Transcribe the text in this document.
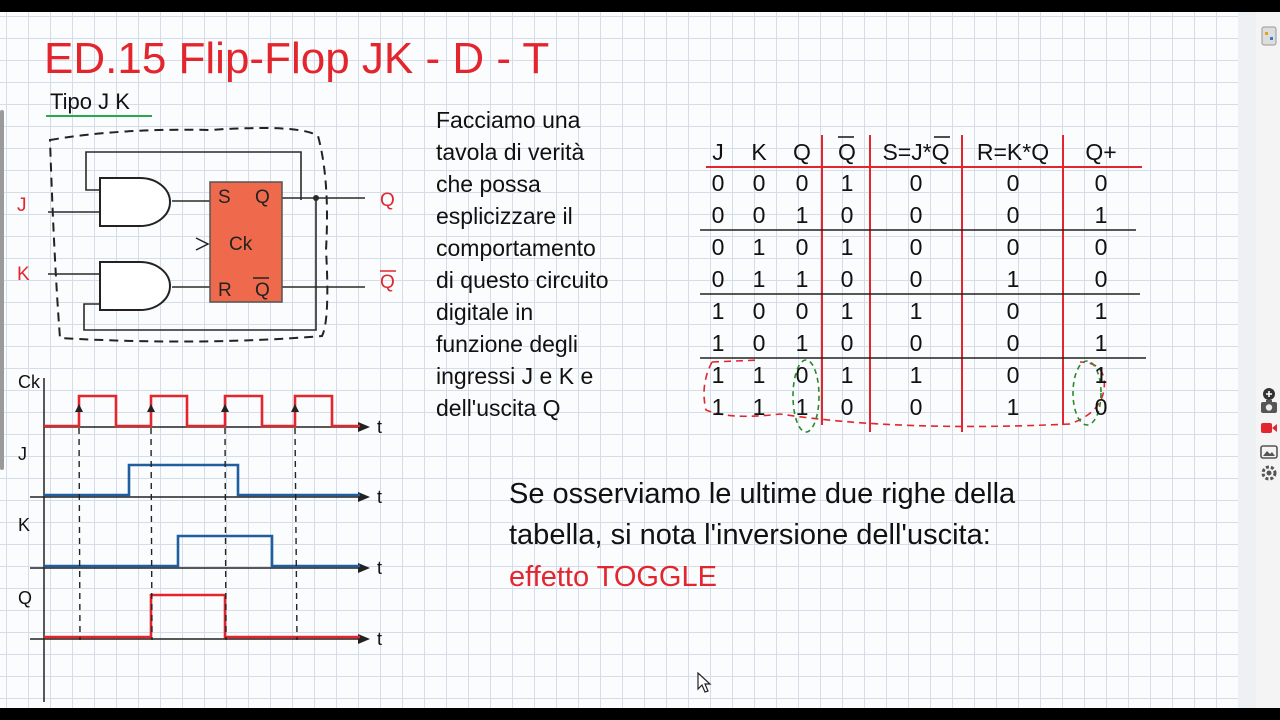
ED.15 Flip-Flop JK - D - T
Tipo J K
J
K
Q
Q
S Q
Ck
R Q
Ck
J
K
Q
t
t
t
t
Facciamo una
tavola di verità
che possa
esplicizzare il
comportamento
di questo circuito
digitale in
funzione degli
ingressi J e K e
dell'uscita Q
J	K	Q	Q	S=J*Q	R=K*Q	Q+
0	0	0	1	0	0	0
0	0	1	0	0	0	1
0	1	0	1	0	0	0
0	1	1	0	0	1	0
1	0	0	1	1	0	1
1	0	1	0	0	0	1
1	1	0	1	1	0	1
1	1	1	0	0	1	0
Se osserviamo le ultime due righe della
tabella, si nota l'inversione dell'uscita:
effetto TOGGLE
